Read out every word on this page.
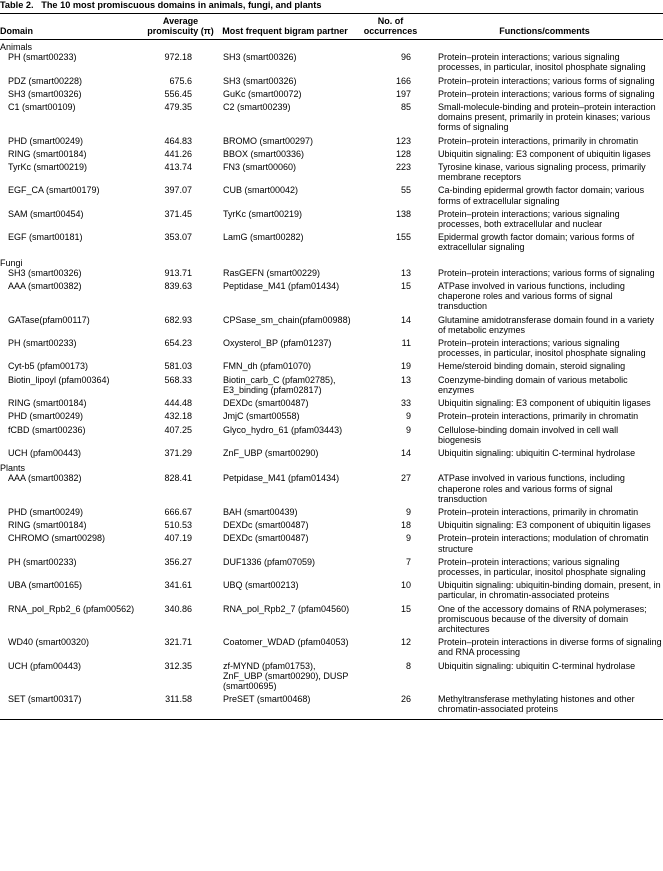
Table 2. The 10 most promiscuous domains in animals, fungi, and plants
Domain	Average promiscuity (π)	Most frequent bigram partner	No. of occurrences	Functions/comments
Animals				
PH (smart00233)	972.18	SH3 (smart00326)	96	Protein–protein interactions; various signaling processes, in particular, inositol phosphate signaling
PDZ (smart00228)	675.6	SH3 (smart00326)	166	Protein–protein interactions; various forms of signaling
SH3 (smart00326)	556.45	GuKc (smart00072)	197	Protein–protein interactions; various forms of signaling
C1 (smart00109)	479.35	C2 (smart00239)	85	Small-molecule-binding and protein–protein interaction domains present, primarily in protein kinases; various forms of signaling
PHD (smart00249)	464.83	BROMO (smart00297)	123	Protein–protein interactions, primarily in chromatin
RING (smart00184)	441.26	BBOX (smart00336)	128	Ubiquitin signaling: E3 component of ubiquitin ligases
TyrKc (smart00219)	413.74	FN3 (smart00060)	223	Tyrosine kinase, various signaling process, primarily membrane receptors
EGF_CA (smart00179)	397.07	CUB (smart00042)	55	Ca-binding epidermal growth factor domain; various forms of extracellular signaling
SAM (smart00454)	371.45	TyrKc (smart00219)	138	Protein–protein interactions; various signaling processes, both extracellular and nuclear
EGF (smart00181)	353.07	LamG (smart00282)	155	Epidermal growth factor domain; various forms of extracellular signaling
Fungi				
SH3 (smart00326)	913.71	RasGEFN (smart00229)	13	Protein–protein interactions; various forms of signaling
AAA (smart00382)	839.63	Peptidase_M41 (pfam01434)	15	ATPase involved in various functions, including chaperone roles and various forms of signal transduction
GATase(pfam00117)	682.93	CPSase_sm_chain(pfam00988)	14	Glutamine amidotransferase domain found in a variety of metabolic enzymes
PH (smart00233)	654.23	Oxysterol_BP (pfam01237)	11	Protein–protein interactions; various signaling processes, in particular, inositol phosphate signaling
Cyt-b5 (pfam00173)	581.03	FMN_dh (pfam01070)	19	Heme/steroid binding domain, steroid signaling
Biotin_lipoyl (pfam00364)	568.33	Biotin_carb_C (pfam02785), E3_binding (pfam02817)	13	Coenzyme-binding domain of various metabolic enzymes
RING (smart00184)	444.48	DEXDc (smart00487)	33	Ubiquitin signaling: E3 component of ubiquitin ligases
PHD (smart00249)	432.18	JmjC (smart00558)	9	Protein–protein interactions, primarily in chromatin
fCBD (smart00236)	407.25	Glyco_hydro_61 (pfam03443)	9	Cellulose-binding domain involved in cell wall biogenesis
UCH (pfam00443)	371.29	ZnF_UBP (smart00290)	14	Ubiquitin signaling: ubiquitin C-terminal hydrolase
Plants				
AAA (smart00382)	828.41	Petpidase_M41 (pfam01434)	27	ATPase involved in various functions, including chaperone roles and various forms of signal transduction
PHD (smart00249)	666.67	BAH (smart00439)	9	Protein–protein interactions, primarily in chromatin
RING (smart00184)	510.53	DEXDc (smart00487)	18	Ubiquitin signaling: E3 component of ubiquitin ligases
CHROMO (smart00298)	407.19	DEXDc (smart00487)	9	Protein–protein interactions; modulation of chromatin structure
PH (smart00233)	356.27	DUF1336 (pfam07059)	7	Protein–protein interactions; various signaling processes, in particular, inositol phosphate signaling
UBA (smart00165)	341.61	UBQ (smart00213)	10	Ubiquitin signaling: ubiquitin-binding domain, present, in particular, in chromatin-associated proteins
RNA_pol_Rpb2_6 (pfam00562)	340.86	RNA_pol_Rpb2_7 (pfam04560)	15	One of the accessory domains of RNA polymerases; promiscuous because of the diversity of domain architectures
WD40 (smart00320)	321.71	Coatomer_WDAD (pfam04053)	12	Protein–protein interactions in diverse forms of signaling and RNA processing
UCH (pfam00443)	312.35	zf-MYND (pfam01753), ZnF_UBP (smart00290), DUSP (smart00695)	8	Ubiquitin signaling: ubiquitin C-terminal hydrolase
SET (smart00317)	311.58	PreSET (smart00468)	26	Methyltransferase methylating histones and other chromatin-associated proteins
